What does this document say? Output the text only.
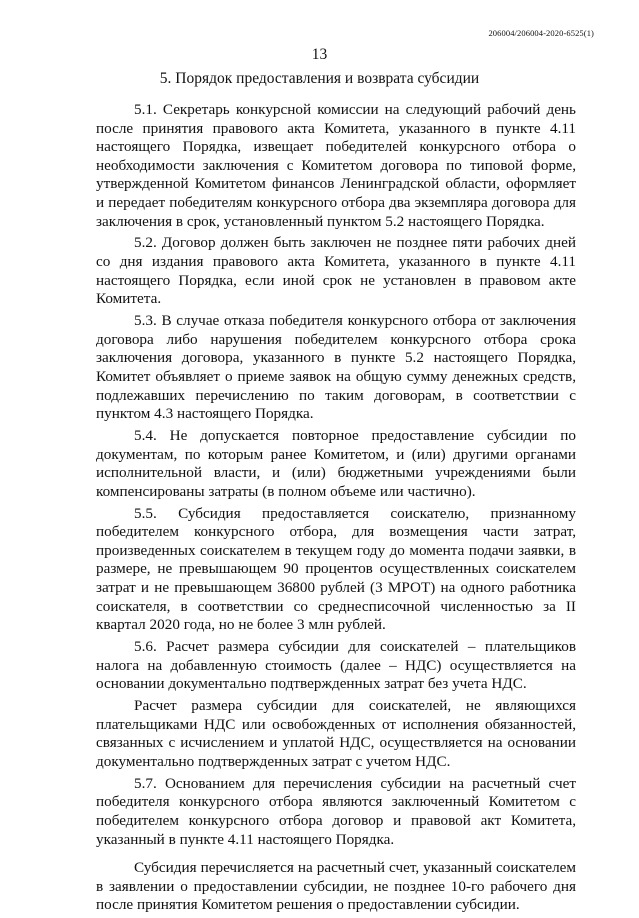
206004/206004-2020-6525(1)
13
5. Порядок предоставления и возврата субсидии

5.1. Секретарь конкурсной комиссии на следующий рабочий день после принятия правового акта Комитета, указанного в пункте 4.11 настоящего Порядка, извещает победителей конкурсного отбора о необходимости заключения с Комитетом договора по типовой форме, утвержденной Комитетом финансов Ленинградской области, оформляет и передает победителям конкурсного отбора два экземпляра договора для заключения в срок, установленный пунктом 5.2 настоящего Порядка.

5.2. Договор должен быть заключен не позднее пяти рабочих дней со дня издания правового акта Комитета, указанного в пункте 4.11 настоящего Порядка, если иной срок не установлен в правовом акте Комитета.

5.3. В случае отказа победителя конкурсного отбора от заключения договора либо нарушения победителем конкурсного отбора срока заключения договора, указанного в пункте 5.2 настоящего Порядка, Комитет объявляет о приеме заявок на общую сумму денежных средств, подлежавших перечислению по таким договорам, в соответствии с пунктом 4.3 настоящего Порядка.

5.4. Не допускается повторное предоставление субсидии по документам, по которым ранее Комитетом, и (или) другими органами исполнительной власти, и (или) бюджетными учреждениями были компенсированы затраты (в полном объеме или частично).

5.5. Субсидия предоставляется соискателю, признанному победителем конкурсного отбора, для возмещения части затрат, произведенных соискателем в текущем году до момента подачи заявки, в размере, не превышающем 90 процентов осуществленных соискателем затрат и не превышающем 36800 рублей (3 МРОТ) на одного работника соискателя, в соответствии со среднесписочной численностью за II квартал 2020 года, но не более 3 млн рублей.

5.6. Расчет размера субсидии для соискателей – плательщиков налога на добавленную стоимость (далее – НДС) осуществляется на основании документально подтвержденных затрат без учета НДС.

Расчет размера субсидии для соискателей, не являющихся плательщиками НДС или освобожденных от исполнения обязанностей, связанных с исчислением и уплатой НДС, осуществляется на основании документально подтвержденных затрат с учетом НДС.

5.7. Основанием для перечисления субсидии на расчетный счет победителя конкурсного отбора являются заключенный Комитетом с победителем конкурсного отбора договор и правовой акт Комитета, указанный в пункте 4.11 настоящего Порядка.

Субсидия перечисляется на расчетный счет, указанный соискателем в заявлении о предоставлении субсидии, не позднее 10-го рабочего дня после принятия Комитетом решения о предоставлении субсидии.
